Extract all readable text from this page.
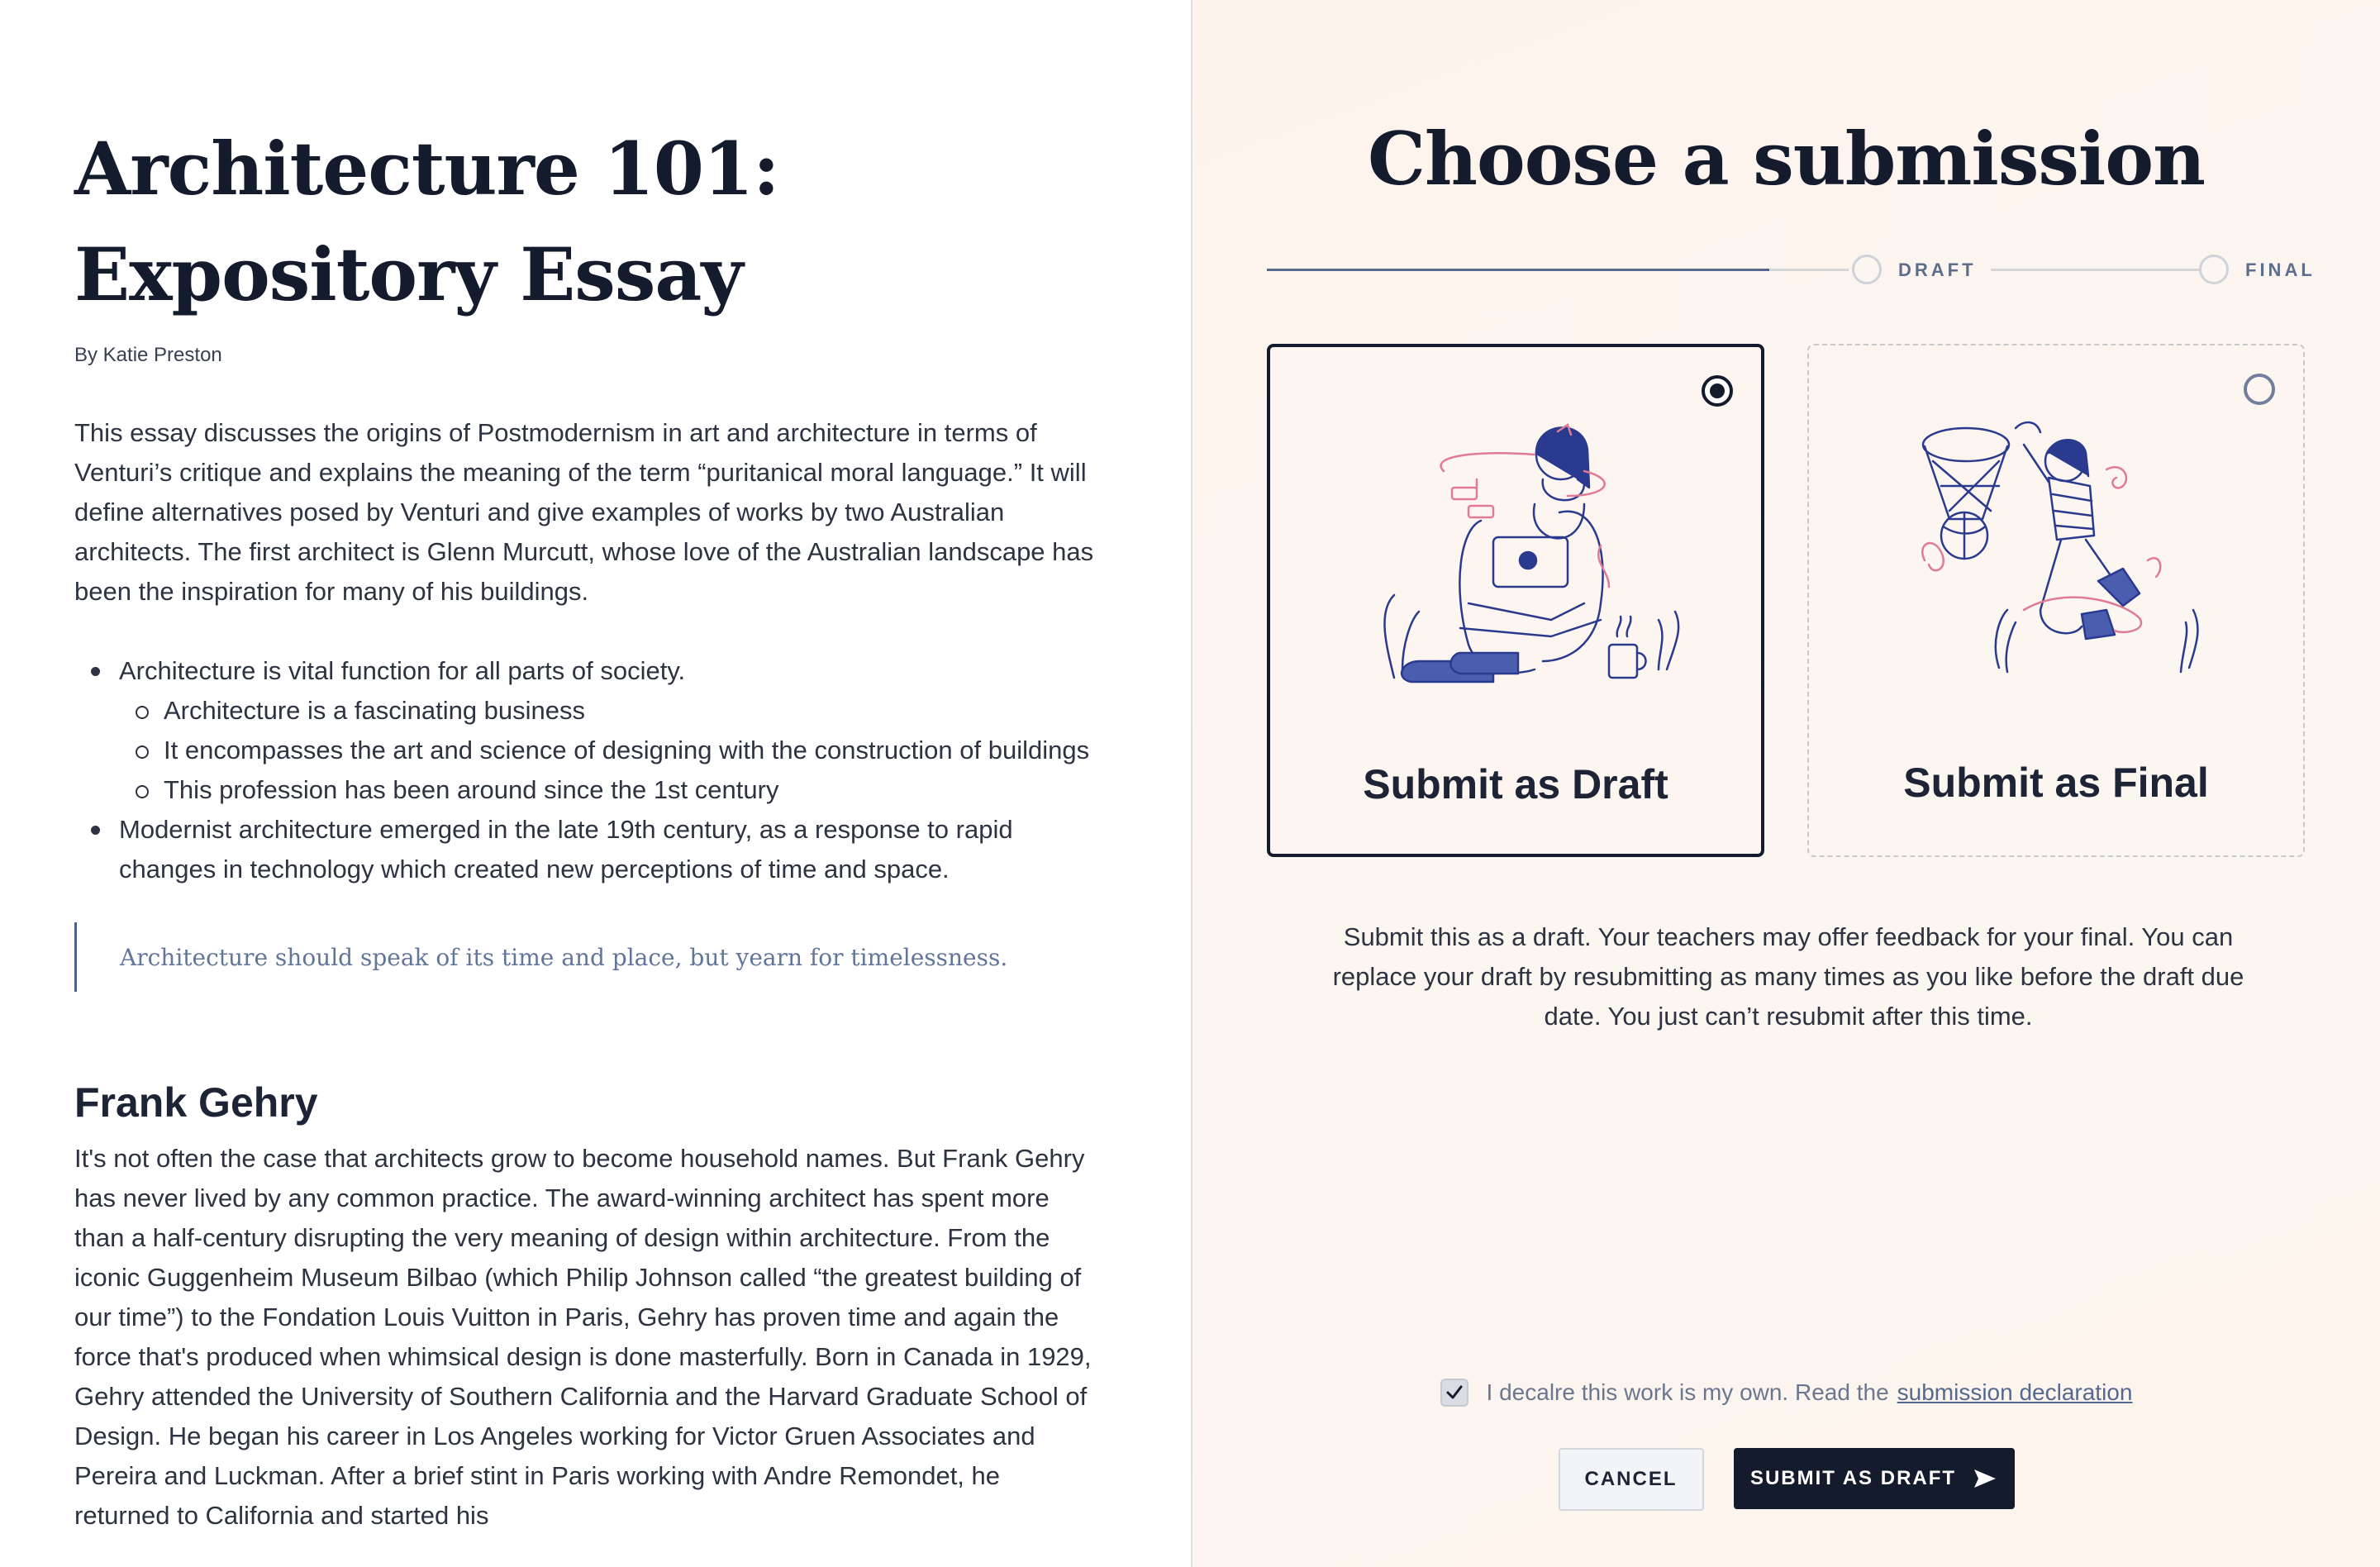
Architecture 101: Expository Essay
By Katie Preston

This essay discusses the origins of Postmodernism in art and architecture in terms of Venturi’s critique and explains the meaning of the term “puritanical moral language.” It will define alternatives posed by Venturi and give examples of works by two Australian architects. The first architect is Glenn Murcutt, whose love of the Australian landscape has been the inspiration for many of his buildings.

Architecture is vital function for all parts of society.
Architecture is a fascinating business
It encompasses the art and science of designing with the construction of buildings
This profession has been around since the 1st century
Modernist architecture emerged in the late 19th century, as a response to rapid changes in technology which created new perceptions of time and space.
Architecture should speak of its time and place, but yearn for timelessness.
Frank Gehry

It's not often the case that architects grow to become household names. But Frank Gehry has never lived by any common practice. The award-winning architect has spent more than a half-century disrupting the very meaning of design within architecture. From the iconic Guggenheim Museum Bilbao (which Philip Johnson called “the greatest building of our time”) to the Fondation Louis Vuitton in Paris, Gehry has proven time and again the force that's produced when whimsical design is done masterfully. Born in Canada in 1929, Gehry attended the University of Southern California and the Harvard Graduate School of Design. He began his career in Los Angeles working for Victor Gruen Associates and Pereira and Luckman. After a brief stint in Paris working with Andre Remondet, he returned to California and started his

Choose a submission
DRAFT	FINAL
Submit as Draft	Submit as Final

Submit this as a draft. Your teachers may offer feedback for your final. You can replace your draft by resubmitting as many times as you like before the draft due date. You just can’t resubmit after this time.

I decalre this work is my own. Read the submission declaration
CANCEL	SUBMIT AS DRAFT
